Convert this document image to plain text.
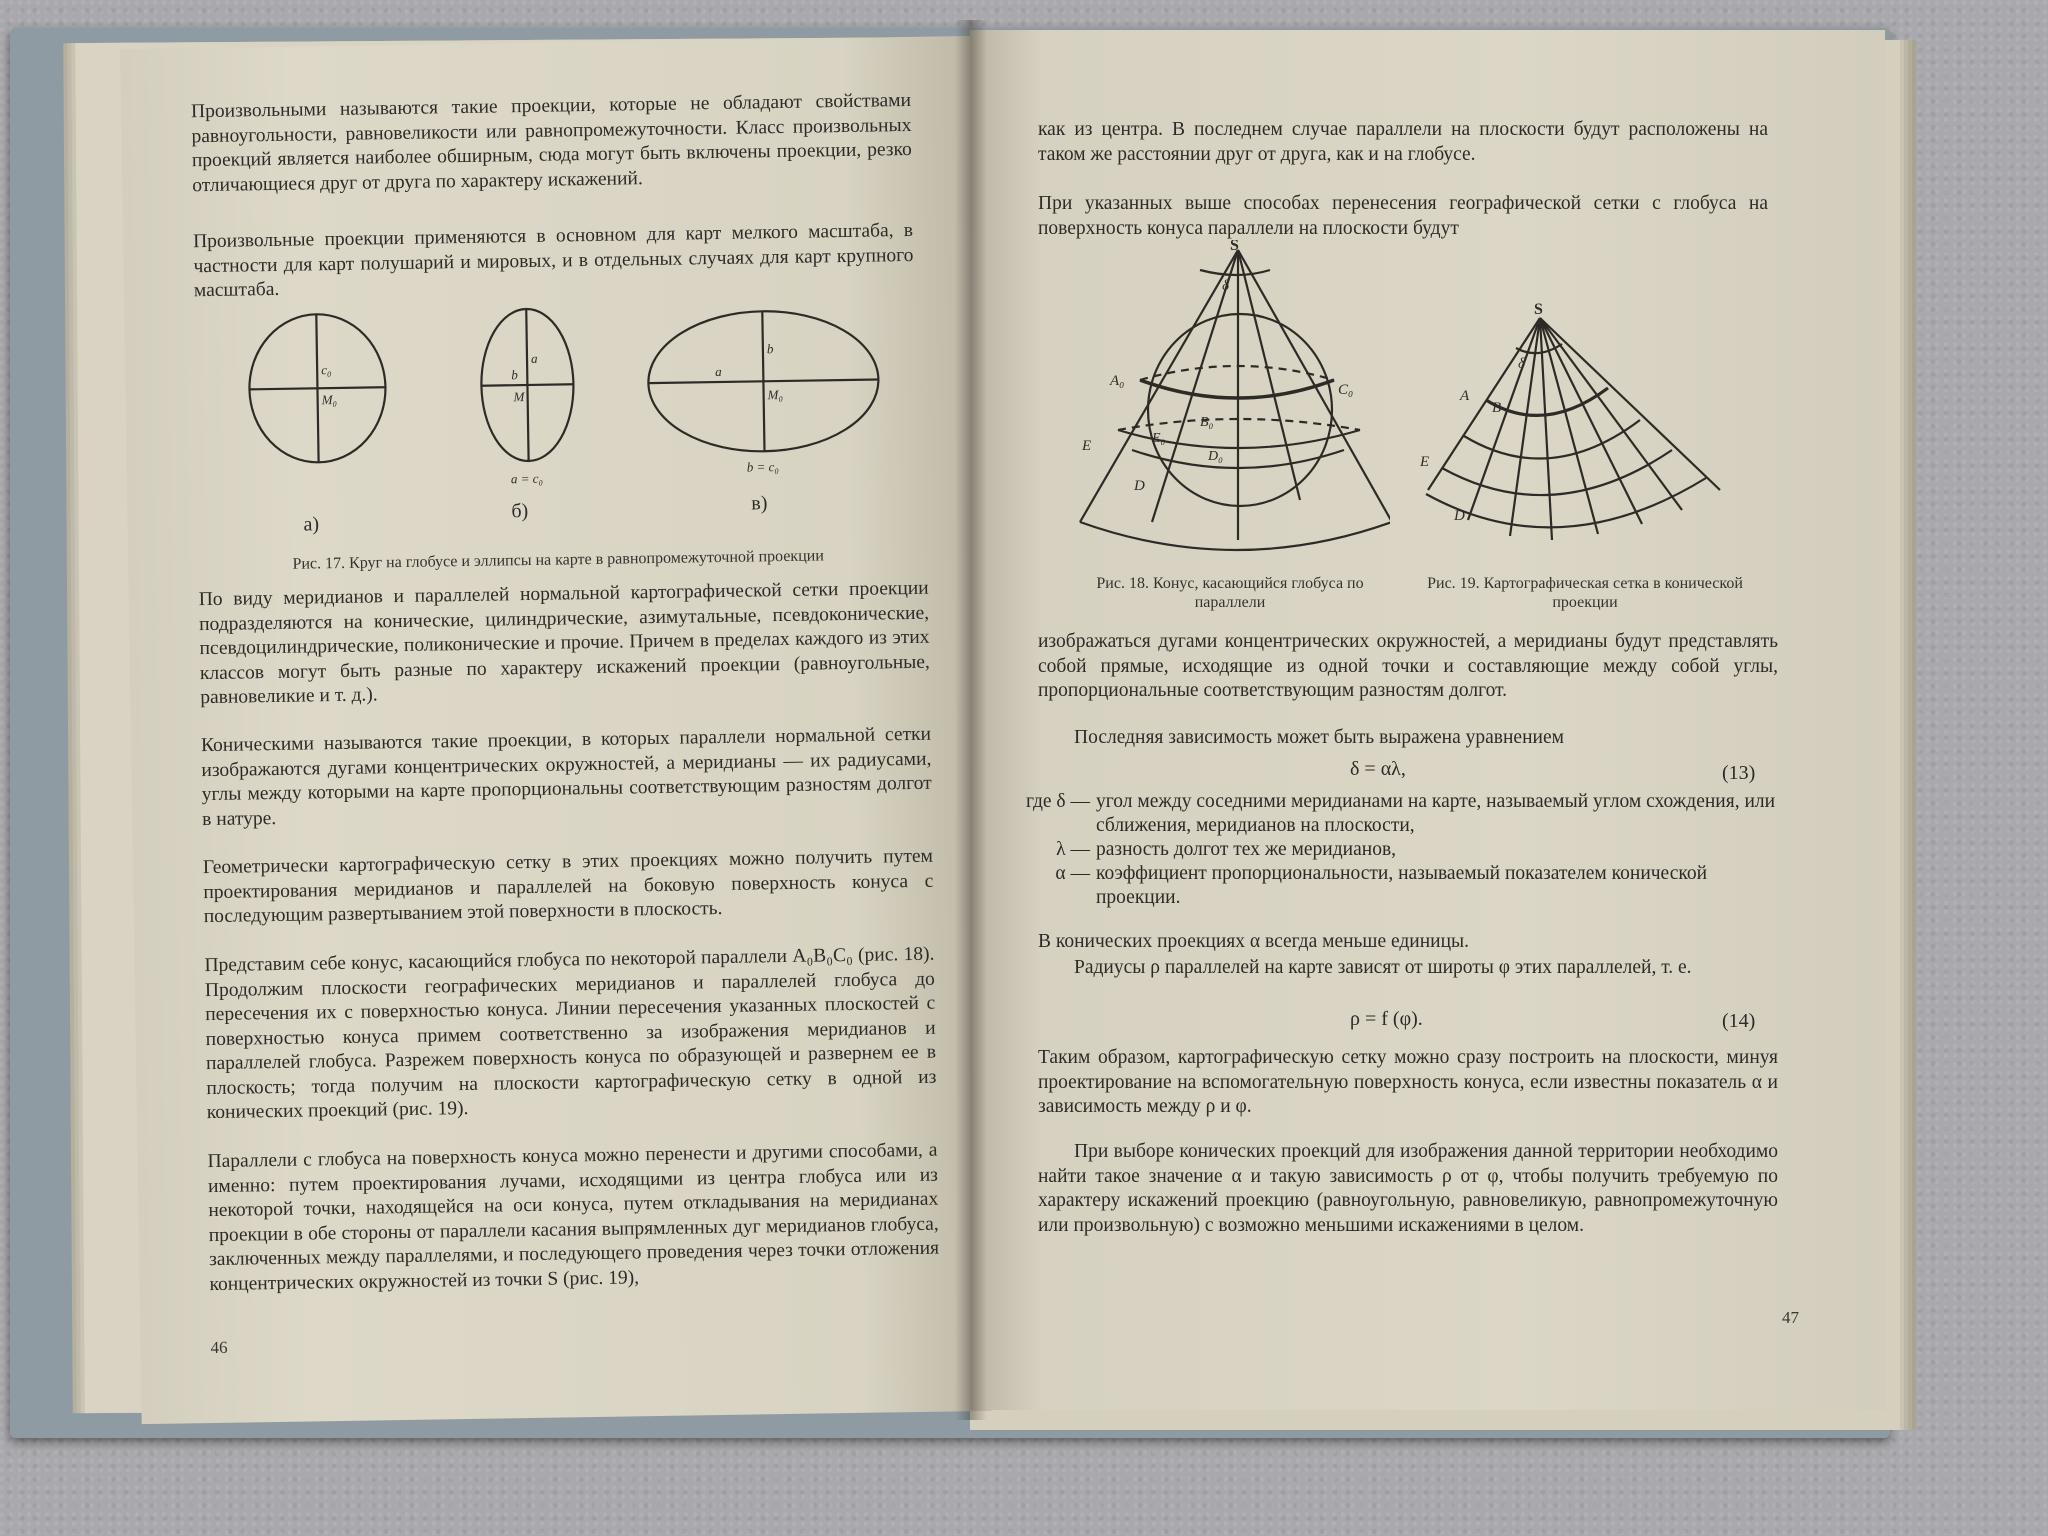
Произвольными называются такие проекции, которые не обладают свойствами равноугольности, равновеликости или равнопромежуточности. Класс произвольных проекций является наиболее обширным, сюда могут быть включены проекции, резко отличающиеся друг от друга по характеру искажений.

Произвольные проекции применяются в основном для карт мелкого масштаба, в частности для карт полушарий и мировых, и в отдельных случаях для карт крупного масштаба.

c₀
M₀
a
b
M
a
b
M₀
a = c₀
b = c₀
а)
б)	в)
Рис. 17. Круг на глобусе и эллипсы на карте в равнопромежуточной проекции

По виду меридианов и параллелей нормальной картографической сетки проекции подразделяются на конические, цилиндрические, азимутальные, псевдоконические, псевдоцилиндрические, поликонические и прочие. Причем в пределах каждого из этих классов могут быть разные по характеру искажений проекции (равноугольные, равновеликие и т. д.).

Коническими называются такие проекции, в которых параллели нормальной сетки изображаются дугами концентрических окружностей, а меридианы — их радиусами, углы между которыми на карте пропорциональны соответствующим разностям долгот в натуре.

Геометрически картографическую сетку в этих проекциях можно получить путем проектирования меридианов и параллелей на боковую поверхность конуса с последующим развертыванием этой поверхности в плоскость.

Представим себе конус, касающийся глобуса по некоторой параллели A₀B₀C₀ (рис. 18). Продолжим плоскости географических меридианов и параллелей глобуса до пересечения их с поверхностью конуса. Линии пересечения указанных плоскостей с поверхностью конуса примем соответственно за изображения меридианов и параллелей глобуса. Разрежем поверхность конуса по образующей и развернем ее в плоскость; тогда получим на плоскости картографическую сетку в одной из конических проекций (рис. 19).

Параллели с глобуса на поверхность конуса можно перенести и другими способами, а именно: путем проектирования лучами, исходящими из центра глобуса или из некоторой точки, находящейся на оси конуса, путем откладывания на меридианах проекции в обе стороны от параллели касания выпрямленных дуг меридианов глобуса, заключенных между параллелями, и последующего проведения через точки отложения концентрических окружностей из точки S (рис. 19),

46

как из центра. В последнем случае параллели на плоскости будут расположены на таком же расстоянии друг от друга, как и на глобусе.

При указанных выше способах перенесения географической сетки с глобуса на поверхность конуса параллели на плоскости будут

S
δ
A₀
C₀
B₀
E₀
D₀
E
D
S
δ
A
B
E
D
Рис. 18. Конус, касающийся глобуса по параллели
Рис. 19. Картографическая сетка в конической проекции

изображаться дугами концентрических окружностей, а меридианы будут представлять собой прямые, исходящие из одной точки и составляющие между собой углы, пропорциональные соответствующим разностям долгот.

Последняя зависимость может быть выражена уравнением

δ = αλ,	(13)
где δ — угол между соседними меридианами на карте, называемый углом схождения, или сближения, меридианов на плоскости,
λ — разность долгот тех же меридианов,
α — коэффициент пропорциональности, называемый показателем конической проекции.

В конических проекциях α всегда меньше единицы.

Радиусы ρ параллелей на карте зависят от широты φ этих параллелей, т. е.

ρ = f (φ).	(14)

Таким образом, картографическую сетку можно сразу построить на плоскости, минуя проектирование на вспомогательную поверхность конуса, если известны показатель α и зависимость между ρ и φ.

При выборе конических проекций для изображения данной территории необходимо найти такое значение α и такую зависимость ρ от φ, чтобы получить требуемую по характеру искажений проекцию (равноугольную, равновеликую, равнопромежуточную или произвольную) с возможно меньшими искажениями в целом.

47
